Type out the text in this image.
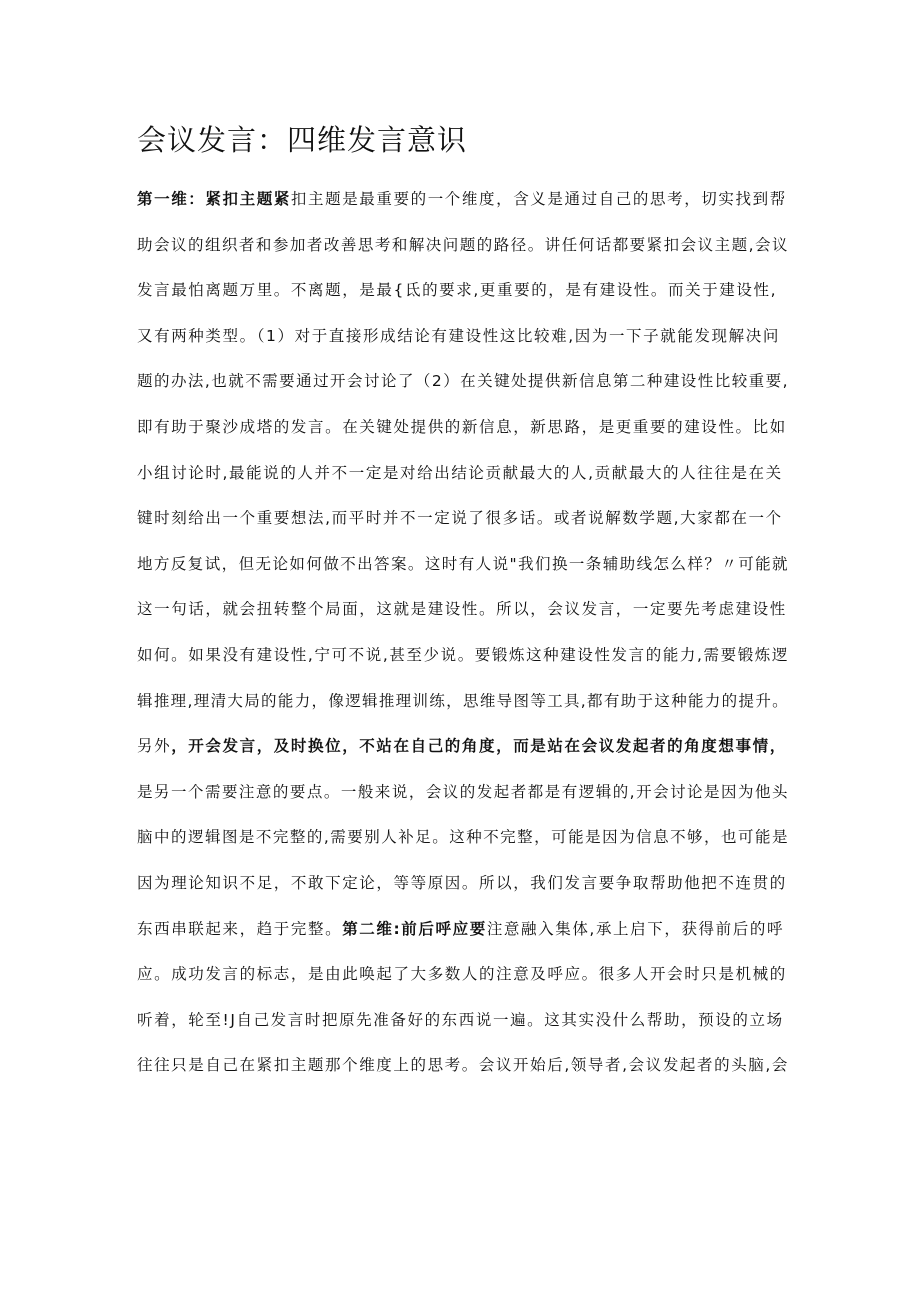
会议发言：四维发言意识
第一维：紧扣主题紧扣主题是最重要的一个维度，含义是通过自己的思考，切实找到帮
助会议的组织者和参加者改善思考和解决问题的路径。讲任何话都要紧扣会议主题,会议
发言最怕离题万里。不离题，是最{氐的要求,更重要的，是有建设性。而关于建设性,
又有两种类型。（1）对于直接形成结论有建设性这比较难,因为一下子就能发现解决问
题的办法,也就不需要通过开会讨论了（2）在关键处提供新信息第二种建设性比较重要,
即有助于聚沙成塔的发言。在关键处提供的新信息，新思路，是更重要的建设性。比如
小组讨论时,最能说的人并不一定是对给出结论贡献最大的人,贡献最大的人往往是在关
键时刻给出一个重要想法,而平时并不一定说了很多话。或者说解数学题,大家都在一个
地方反复试，但无论如何做不出答案。这时有人说"我们换一条辅助线怎么样？〃可能就
这一句话，就会扭转整个局面，这就是建设性。所以，会议发言，一定要先考虑建设性
如何。如果没有建设性,宁可不说,甚至少说。要锻炼这种建设性发言的能力,需要锻炼逻
辑推理,理清大局的能力，像逻辑推理训练，思维导图等工具,都有助于这种能力的提升。
另外，开会发言，及时换位，不站在自己的角度，而是站在会议发起者的角度想事情，
是另一个需要注意的要点。一般来说，会议的发起者都是有逻辑的,开会讨论是因为他头
脑中的逻辑图是不完整的,需要别人补足。这种不完整，可能是因为信息不够，也可能是
因为理论知识不足，不敢下定论，等等原因。所以，我们发言要争取帮助他把不连贯的
东西串联起来，趋于完整。第二维:前后呼应要注意融入集体,承上启下，获得前后的呼
应。成功发言的标志，是由此唤起了大多数人的注意及呼应。很多人开会时只是机械的
听着，轮至!J自己发言时把原先准备好的东西说一遍。这其实没什么帮助，预设的立场
往往只是自己在紧扣主题那个维度上的思考。会议开始后,领导者,会议发起者的头脑,会
